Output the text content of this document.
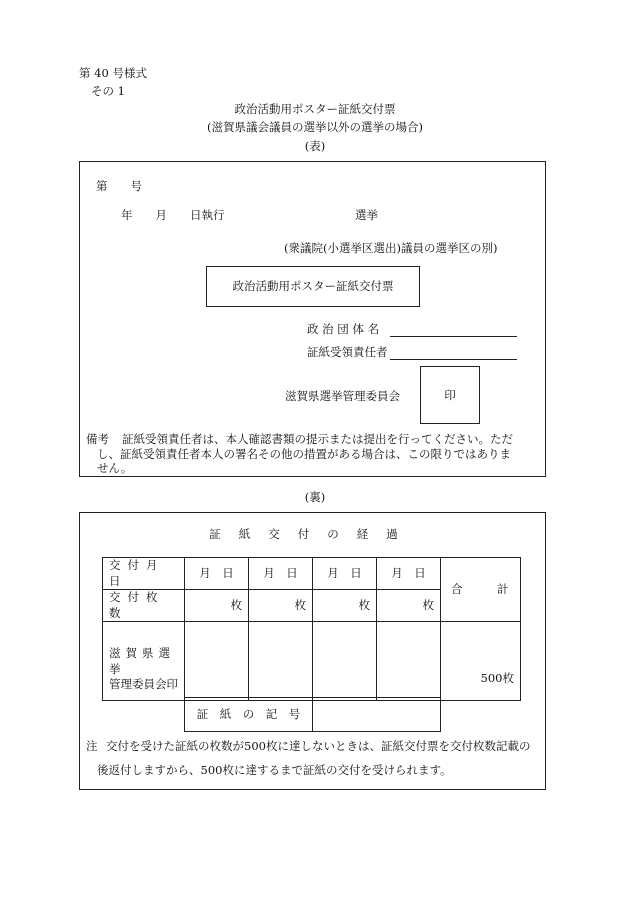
第 40 号様式
その 1
政治活動用ポスター証紙交付票
(滋賀県議会議員の選挙以外の選挙の場合)
(表)
第　　号
年　　月　　日執行	選挙
(衆議院(小選挙区選出)議員の選挙区の別)
政治活動用ポスター証紙交付票
政 治 団 体 名
証紙受領責任者
滋賀県選挙管理委員会	印
備考 証紙受領責任者は、本人確認書類の提示または提出を行ってください。ただ
し、証紙受領責任者本人の署名その他の措置がある場合は、この限りではありま
せん。
(裏)
証紙交付の経過
交付月日	月　日	月　日	月　日	月　日	合　　　計
交付枚数	枚	枚	枚	枚	

滋賀県選挙
管理委員会印					500枚
証　紙　の　記　号	
注 交付を受けた証紙の枚数が500枚に達しないときは、証紙交付票を交付枚数記載の
後返付しますから、500枚に達するまで証紙の交付を受けられます。
